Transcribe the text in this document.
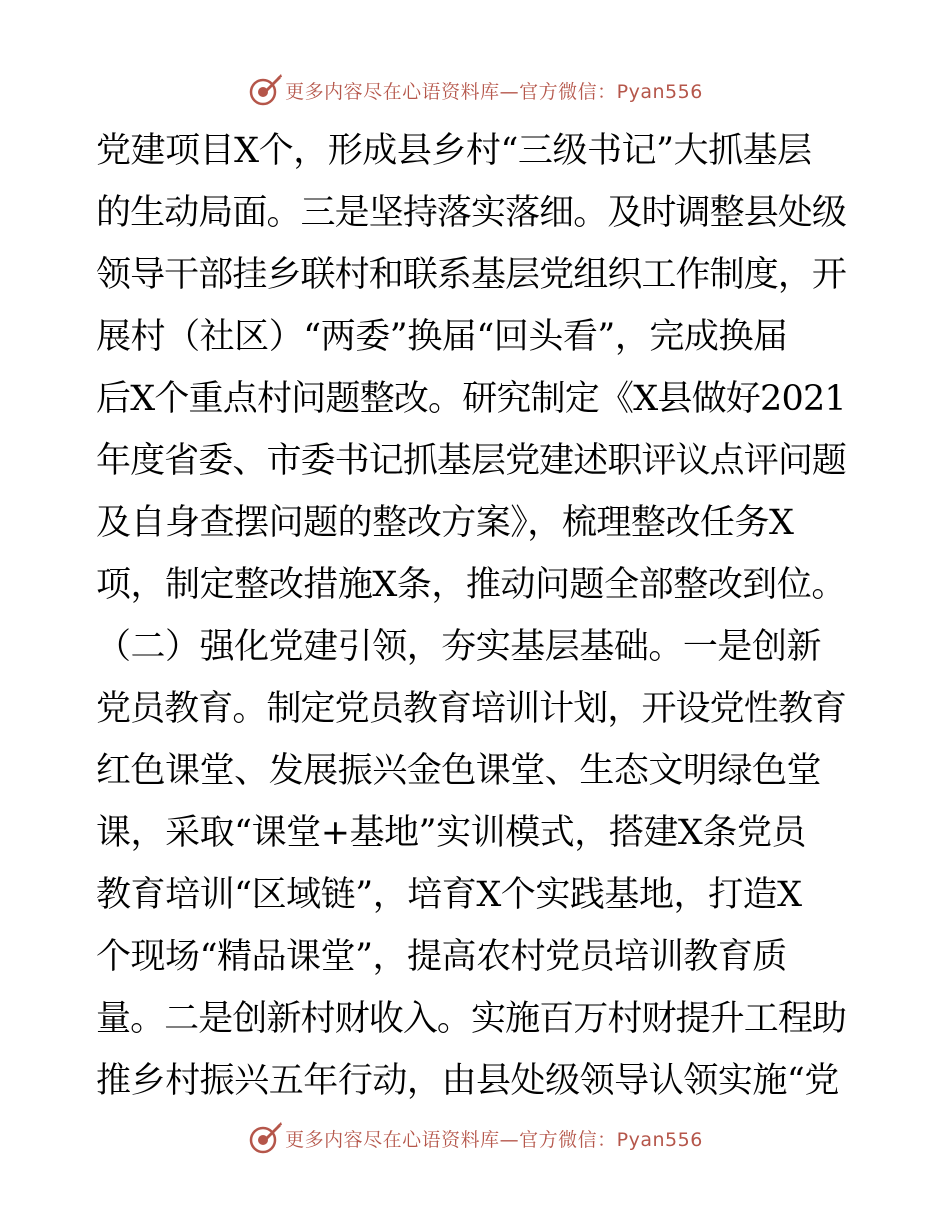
更多内容尽在心语资料库—官方微信：Pyan556
党建项目X个，形成县乡村“三级书记”大抓基层
的生动局面。三是坚持落实落细。及时调整县处级
领导干部挂乡联村和联系基层党组织工作制度，开
展村（社区）“两委”换届“回头看”，完成换届
后X个重点村问题整改。研究制定《X县做好2021
年度省委、市委书记抓基层党建述职评议点评问题
及自身查摆问题的整改方案》，梳理整改任务X
项，制定整改措施X条，推动问题全部整改到位。
（二）强化党建引领，夯实基层基础。一是创新
党员教育。制定党员教育培训计划，开设党性教育
红色课堂、发展振兴金色课堂、生态文明绿色堂
课，采取“课堂+基地”实训模式，搭建X条党员
教育培训“区域链”，培育X个实践基地，打造X
个现场“精品课堂”，提高农村党员培训教育质
量。二是创新村财收入。实施百万村财提升工程助
推乡村振兴五年行动，由县处级领导认领实施“党
更多内容尽在心语资料库—官方微信：Pyan556
